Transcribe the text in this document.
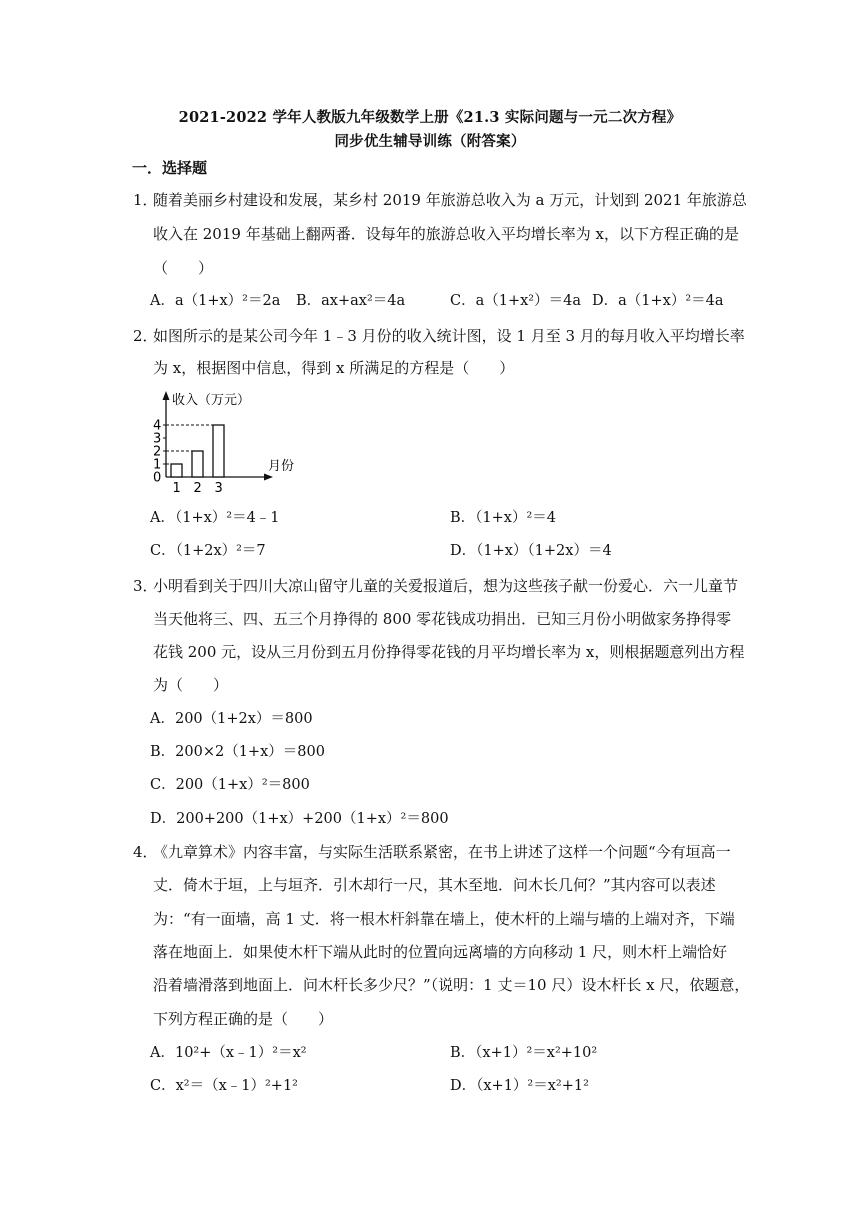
2021-2022 学年人教版九年级数学上册《21.3 实际问题与一元二次方程》
同步优生辅导训练（附答案）
一．选择题
1．
随着美丽乡村建设和发展，某乡村 2019 年旅游总收入为 a 万元，计划到 2021 年旅游总
收入在 2019 年基础上翻两番．设每年的旅游总收入平均增长率为 x，以下方程正确的是
（　　）
A．a（1+x）²＝2a B．ax+ax²＝4a	C．a（1+x²）＝4a D．a（1+x）²＝4a
2．
如图所示的是某公司今年 1﹣3 月份的收入统计图，设 1 月至 3 月的每月收入平均增长率
为 x，根据图中信息，得到 x 所满足的方程是（　　）
收入（万元）
月份
0
1
2
3
4
1 2 3
A．（1+x）²＝4﹣1	B．（1+x）²＝4
C．（1+2x）²＝7	D．（1+x）（1+2x）＝4
3．
小明看到关于四川大凉山留守儿童的关爱报道后，想为这些孩子献一份爱心．六一儿童节
当天他将三、四、五三个月挣得的 800 零花钱成功捐出．已知三月份小明做家务挣得零
花钱 200 元，设从三月份到五月份挣得零花钱的月平均增长率为 x，则根据题意列出方程
为（　　）
A．200（1+2x）＝800
B．200×2（1+x）＝800
C．200（1+x）²＝800
D．200+200（1+x）+200（1+x）²＝800
4．
《九章算术》内容丰富，与实际生活联系紧密，在书上讲述了这样一个问题“今有垣高一
丈．倚木于垣，上与垣齐．引木却行一尺，其木至地．问木长几何？”其内容可以表述
为：“有一面墙，高 1 丈．将一根木杆斜靠在墙上，使木杆的上端与墙的上端对齐，下端
落在地面上．如果使木杆下端从此时的位置向远离墙的方向移动 1 尺，则木杆上端恰好
沿着墙滑落到地面上．问木杆长多少尺？”（说明：1 丈＝10 尺）设木杆长 x 尺，依题意，
下列方程正确的是（　　）
A．10²+（x﹣1）²＝x²	B．（x+1）²＝x²+10²
C．x²＝（x﹣1）²+1²	D．（x+1）²＝x²+1²
